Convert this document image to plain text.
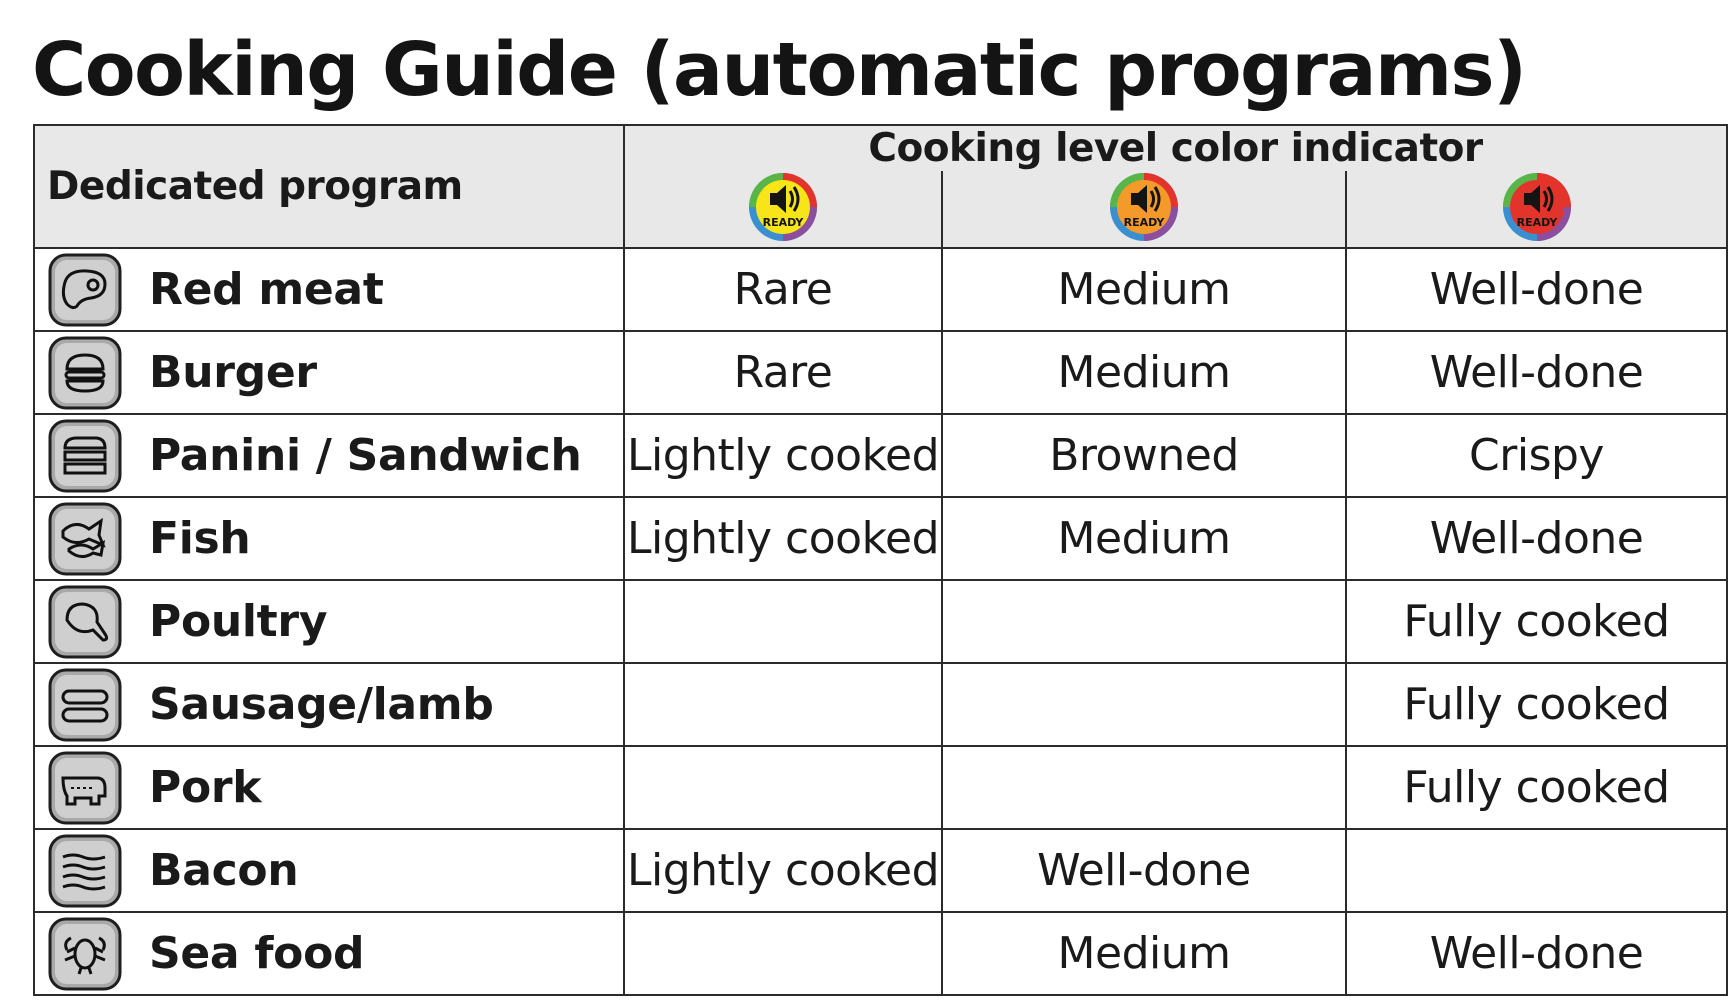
Cooking Guide (automatic programs)
Dedicated program	Cooking level color indicator		

READY	READY	READY

Red meat	Rare	Medium	Well-done

Burger	Rare	Medium	Well-done

Panini / Sandwich	Lightly cooked	Browned	Crispy

Fish	Lightly cooked	Medium	Well-done

Poultry			Fully cooked

Sausage/lamb			Fully cooked

Pork			Fully cooked

Bacon	Lightly cooked	Well-done	

Sea food		Medium	Well-done
